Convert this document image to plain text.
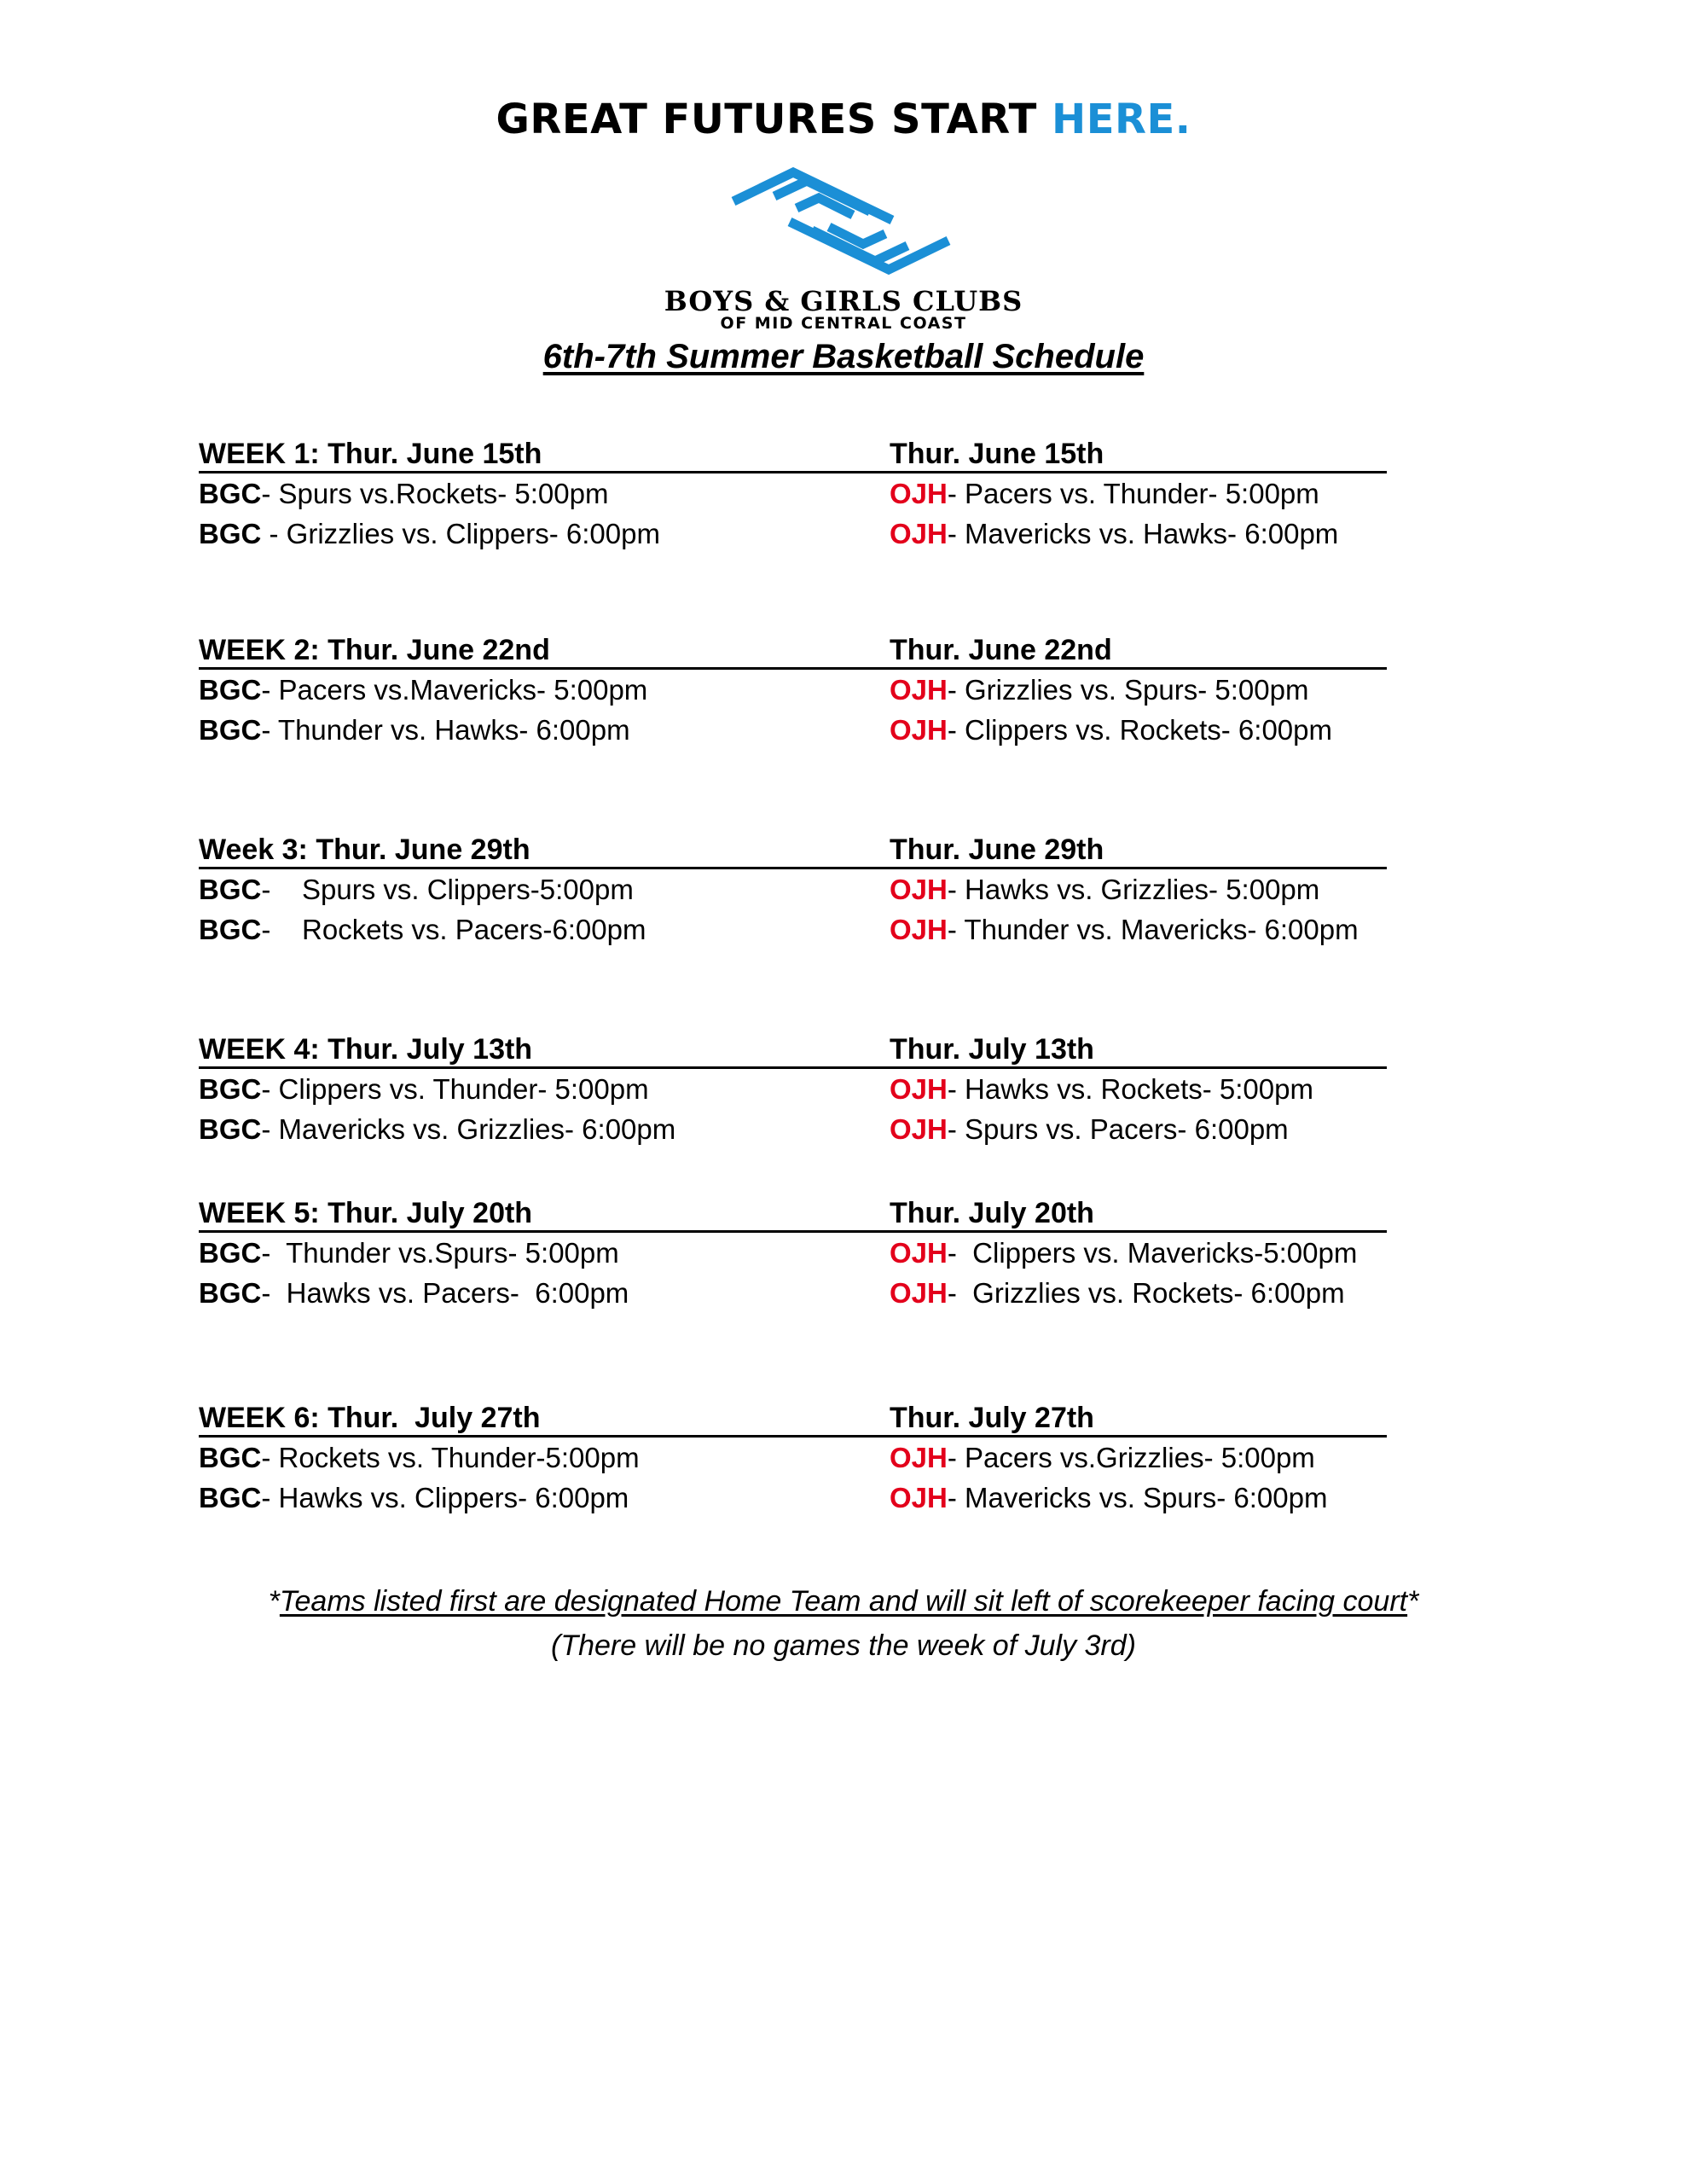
GREAT FUTURES START HERE.
BOYS & GIRLS CLUBS
OF MID CENTRAL COAST
6th-7th Summer Basketball Schedule
WEEK 1: Thur. June 15th
BGC- Spurs vs.Rockets- 5:00pm
BGC - Grizzlies vs. Clippers- 6:00pm
Thur. June 15th
OJH- Pacers vs. Thunder- 5:00pm
OJH- Mavericks vs. Hawks- 6:00pm
WEEK 2: Thur. June 22nd
BGC- Pacers vs.Mavericks- 5:00pm
BGC- Thunder vs. Hawks- 6:00pm
Thur. June 22nd
OJH- Grizzlies vs. Spurs- 5:00pm
OJH- Clippers vs. Rockets- 6:00pm
Week 3: Thur. June 29th
BGC-    Spurs vs. Clippers-5:00pm
BGC-    Rockets vs. Pacers-6:00pm
Thur. June 29th
OJH- Hawks vs. Grizzlies- 5:00pm
OJH- Thunder vs. Mavericks- 6:00pm
WEEK 4: Thur. July 13th
BGC- Clippers vs. Thunder- 5:00pm
BGC- Mavericks vs. Grizzlies- 6:00pm
Thur. July 13th
OJH- Hawks vs. Rockets- 5:00pm
OJH- Spurs vs. Pacers- 6:00pm
WEEK 5: Thur. July 20th
BGC-  Thunder vs.Spurs- 5:00pm
BGC-  Hawks vs. Pacers-  6:00pm
Thur. July 20th
OJH-  Clippers vs. Mavericks-5:00pm
OJH-  Grizzlies vs. Rockets- 6:00pm
WEEK 6: Thur.  July 27th
BGC- Rockets vs. Thunder-5:00pm
BGC- Hawks vs. Clippers- 6:00pm
Thur. July 27th
OJH- Pacers vs.Grizzlies- 5:00pm
OJH- Mavericks vs. Spurs- 6:00pm
*Teams listed first are designated Home Team and will sit left of scorekeeper facing court*
(There will be no games the week of July 3rd)
